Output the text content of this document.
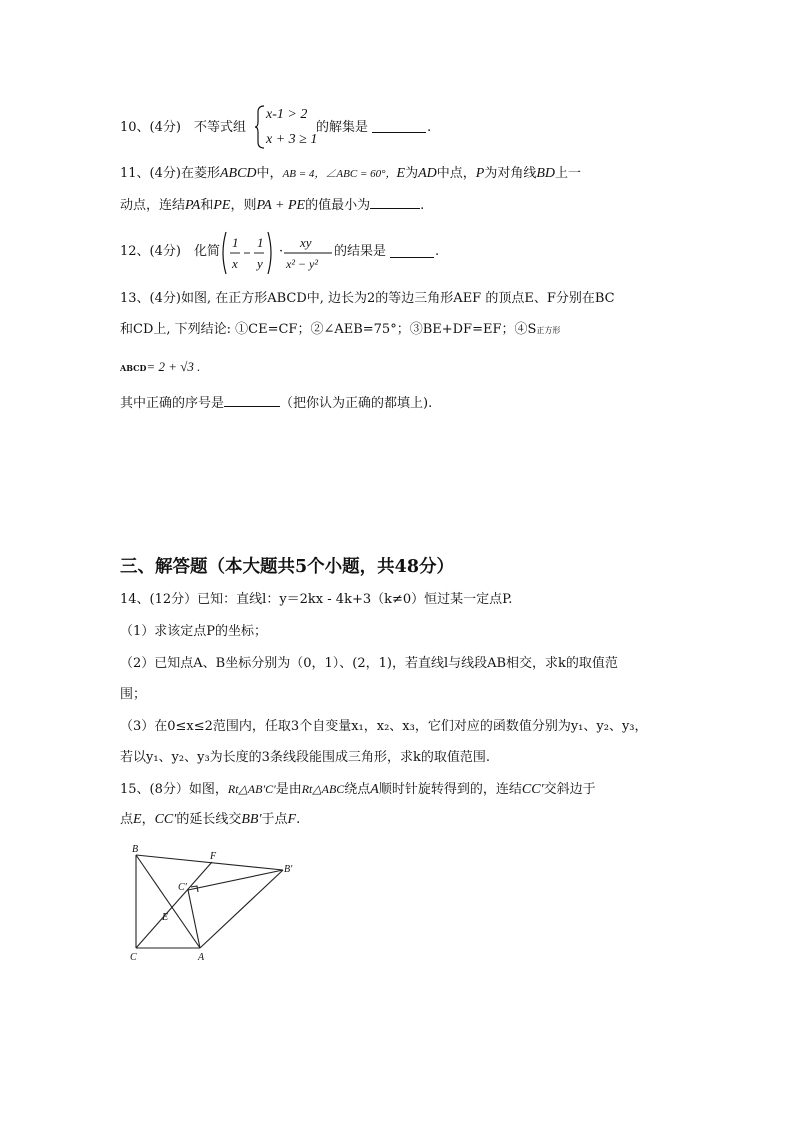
10、(4分) 不等式组
x-1 > 2
x + 3 ≥ 1
的解集是	.
11、(4分)在菱形ABCD中，AB = 4，∠ABC = 60°，E为AD中点，P为对角线BD上一
动点，连结PA和PE，则PA + PE的值最小为	.
12、(4分) 化简
1
x
1
y
·
xy
x² − y²
的结果是	.
13、(4分)如图, 在正方形ABCD中, 边长为2的等边三角形AEF 的顶点E、F分别在BC
和CD上, 下列结论: ①CE=CF；②∠AEB=75°；③BE+DF=EF；④S正方形
ABCD= 2 + √3 .
其中正确的序号是	（把你认为正确的都填上).
三、解答题（本大题共5个小题，共48分）
14、(12分）已知：直线l：y＝2kx - 4k+3（k≠0）恒过某一定点P.
（1）求该定点P的坐标；
（2）已知点A、B坐标分别为（0，1）、(2，1)，若直线l与线段AB相交，求k的取值范
围；
（3）在0≤x≤2范围内，任取3个自变量x₁，x₂、x₃，它们对应的函数值分别为y₁、y₂、y₃，
若以y₁、y₂、y₃为长度的3条线段能围成三角形，求k的取值范围.
15、(8分）如图，Rt△AB′C′是由Rt△ABC绕点A顺时针旋转得到的，连结CC′交斜边于
点E，CC′的延长线交BB′于点F.
B
F
B′
C′
E
C	A
